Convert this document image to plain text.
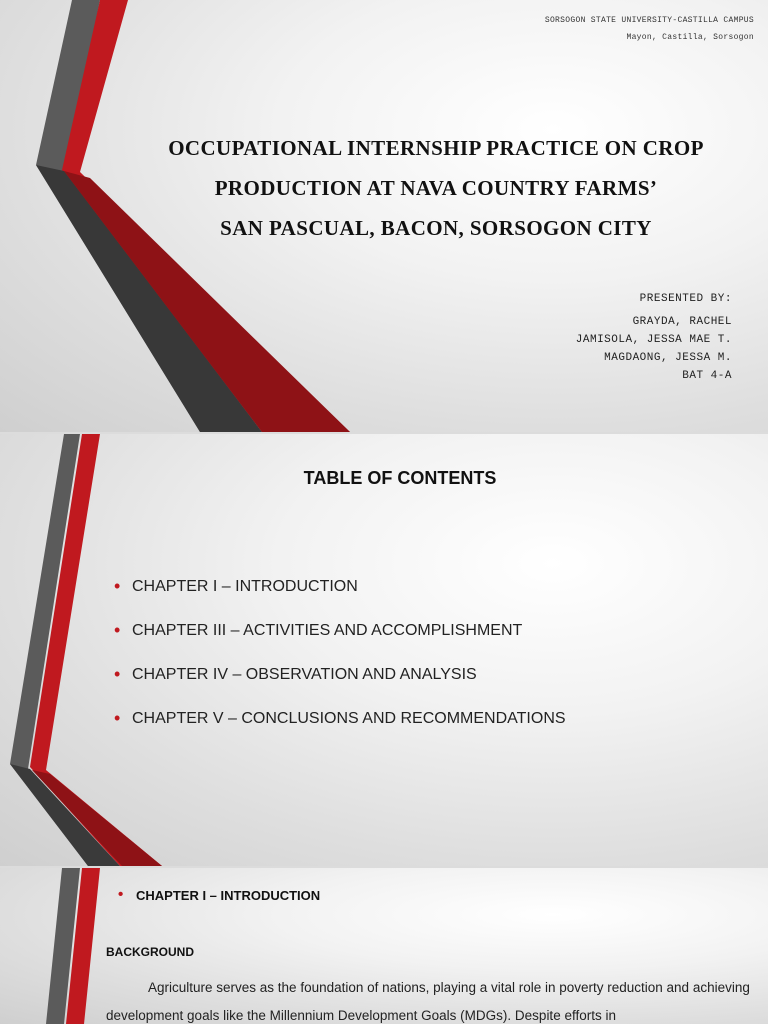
SORSOGON STATE UNIVERSITY-CASTILLA CAMPUS
Mayon, Castilla, Sorsogon
OCCUPATIONAL INTERNSHIP PRACTICE ON CROP
PRODUCTION AT NAVA COUNTRY FARMS’
SAN PASCUAL, BACON, SORSOGON CITY
PRESENTED BY:
GRAYDA, RACHEL
JAMISOLA, JESSA MAE T.
MAGDAONG, JESSA M.
BAT 4-A
TABLE OF CONTENTS
• CHAPTER I – INTRODUCTION
• CHAPTER III – ACTIVITIES AND ACCOMPLISHMENT
• CHAPTER IV – OBSERVATION AND ANALYSIS
• CHAPTER V – CONCLUSIONS AND RECOMMENDATIONS
• CHAPTER I – INTRODUCTION
BACKGROUND
Agriculture serves as the foundation of nations, playing a vital role in poverty reduction and achieving development goals like the Millennium Development Goals (MDGs). Despite efforts in
